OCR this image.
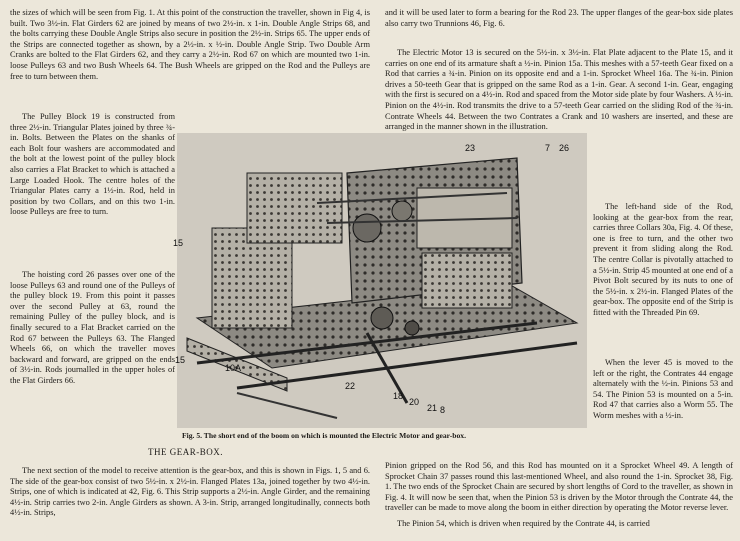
the sizes of which will be seen from Fig. 1. At this point of the construction the traveller, shown in Fig 4, is built. Two 3½-in. Flat Girders 62 are joined by means of two 2½-in. x 1-in. Double Angle Strips 68, and the bolts carrying these Double Angle Strips also secure in position the 2½-in. Strips 65. The upper ends of the Strips are connected together as shown, by a 2½-in. x ½-in. Double Angle Strip. Two Double Arm Cranks are bolted to the Flat Girders 62, and they carry a 2½-in. Rod 67 on which are mounted two 1-in. loose Pulleys 63 and two Bush Wheels 64. The Bush Wheels are gripped on the Rod and the Pulleys are free to turn between them.

The Pulley Block 19 is constructed from three 2½-in. Triangular Plates joined by three ¾-in. Bolts. Between the Plates on the shanks of each Bolt four washers are accommodated and the bolt at the lowest point of the pulley block also carries a Flat Bracket to which is attached a Large Loaded Hook. The centre holes of the Triangular Plates carry a 1½-in. Rod, held in position by two Collars, and on this two 1-in. loose Pulleys are free to turn.

The hoisting cord 26 passes over one of the loose Pulleys 63 and round one of the Pulleys of the pulley block 19. From this point it passes over the second Pulley at 63, round the remaining Pulley of the pulley block, and is finally secured to a Flat Bracket carried on the Rod 67 between the Pulleys 63. The Flanged Wheels 66, on which the traveller moves backward and forward, are gripped on the ends of 3½-in. Rods journalled in the upper holes of the Flat Girders 66.

and it will be used later to form a bearing for the Rod 23. The upper flanges of the gear-box side plates also carry two Trunnions 46, Fig. 6.

The Electric Motor 13 is secured on the 5½-in. x 3½-in. Flat Plate adjacent to the Plate 15, and it carries on one end of its armature shaft a ½-in. Pinion 15a. This meshes with a 57-teeth Gear fixed on a Rod that carries a ¾-in. Pinion on its opposite end and a 1-in. Sprocket Wheel 16a. The ¾-in. Pinion drives a 50-teeth Gear that is gripped on the same Rod as a 1-in. Gear. A second 1-in. Gear, engaging with the first is secured on a 4½-in. Rod and spaced from the Motor side plate by four Washers. A ½-in. Pinion on the 4½-in. Rod transmits the drive to a 57-teeth Gear carried on the sliding Rod of the ¾-in. Contrate Wheels 44. Between the two Contrates a Crank and 10 washers are inserted, and these are arranged in the manner shown in the illustration.

The left-hand side of the Rod, looking at the gear-box from the rear, carries three Collars 30a, Fig. 4. Of these, one is free to turn, and the other two prevent it from sliding along the Rod. The centre Collar is pivotally attached to a 5½-in. Strip 45 mounted at one end of a Pivot Bolt secured by its nuts to one of the 5½-in. x 2½-in. Flanged Plates of the gear-box. The opposite end of the Strip is fitted with the Threaded Pin 69.

When the lever 45 is moved to the left or the right, the Contrates 44 engage alternately with the ½-in. Pinions 53 and 54. The Pinion 53 is mounted on a 5-in. Rod 47 that carries also a Worm 55. The Worm meshes with a ½-in.

23	7 26
15
15
10A
22
18
20
21 8
Fig. 5. The short end of the boom on which is mounted the Electric Motor and gear-box.
THE GEAR-BOX.

The next section of the model to receive attention is the gear-box, and this is shown in Figs. 1, 5 and 6. The side of the gear-box consist of two 5½-in. x 2½-in. Flanged Plates 13a, joined together by two 4½-in. Strips, one of which is indicated at 42, Fig. 6. This Strip supports a 2½-in. Angle Girder, and the remaining 4½-in. Strip carries two 2-in. Angle Girders as shown. A 3-in. Strip, arranged longitudinally, connects both 4½-in. Strips,

Pinion gripped on the Rod 56, and this Rod has mounted on it a Sprocket Wheel 49. A length of Sprocket Chain 37 passes round this last-mentioned Wheel, and also round the 1-in. Sprocket 38, Fig. 1. The two ends of the Sprocket Chain are secured by short lengths of Cord to the traveller, as shown in Fig. 4. It will now be seen that, when the Pinion 53 is driven by the Motor through the Contrate 44, the traveller can be made to move along the boom in either direction by operating the Motor reverse lever.

The Pinion 54, which is driven when required by the Contrate 44, is carried
